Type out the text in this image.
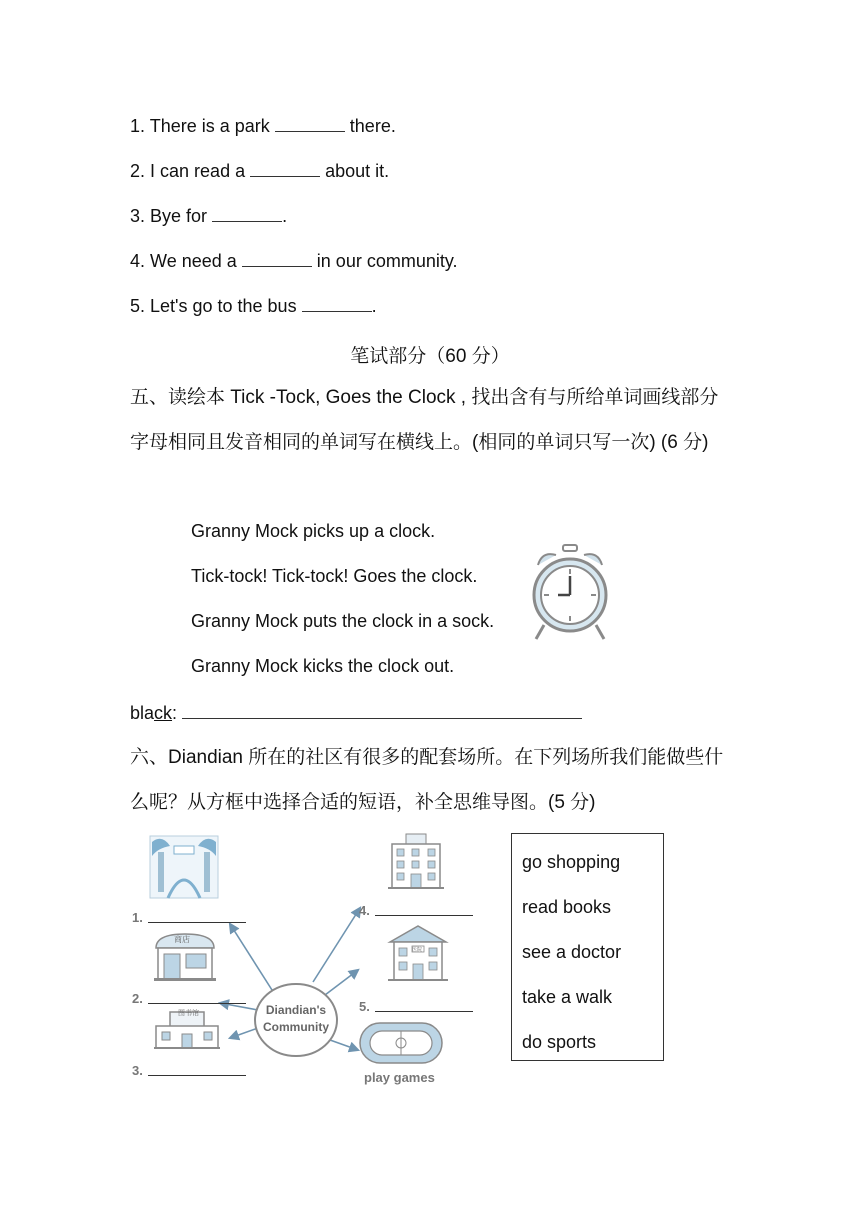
1. There is a park	there.
2. I can read a	about it.
3. Bye for	.
4. We need a	in our community.
5. Let's go to the bus	.
笔试部分（60 分）
五、读绘本 Tick -Tock, Goes the Clock , 找出含有与所给单词画线部分字母相同且发音相同的单词写在横线上。(相同的单词只写一次) (6 分)
Granny Mock picks up a clock.
Tick-tock! Tick-tock! Goes the clock.
Granny Mock puts the clock in a sock.
Granny Mock kicks the clock out.
black:
六、Diandian 所在的社区有很多的配套场所。在下列场所我们能做些什么呢？从方框中选择合适的短语，补全思维导图。(5 分)
Diandian's
Community
商店
图书馆
医院
play games
1.
2.
3.
4.
5.
go shopping
read books
see a doctor
take a walk
do sports
